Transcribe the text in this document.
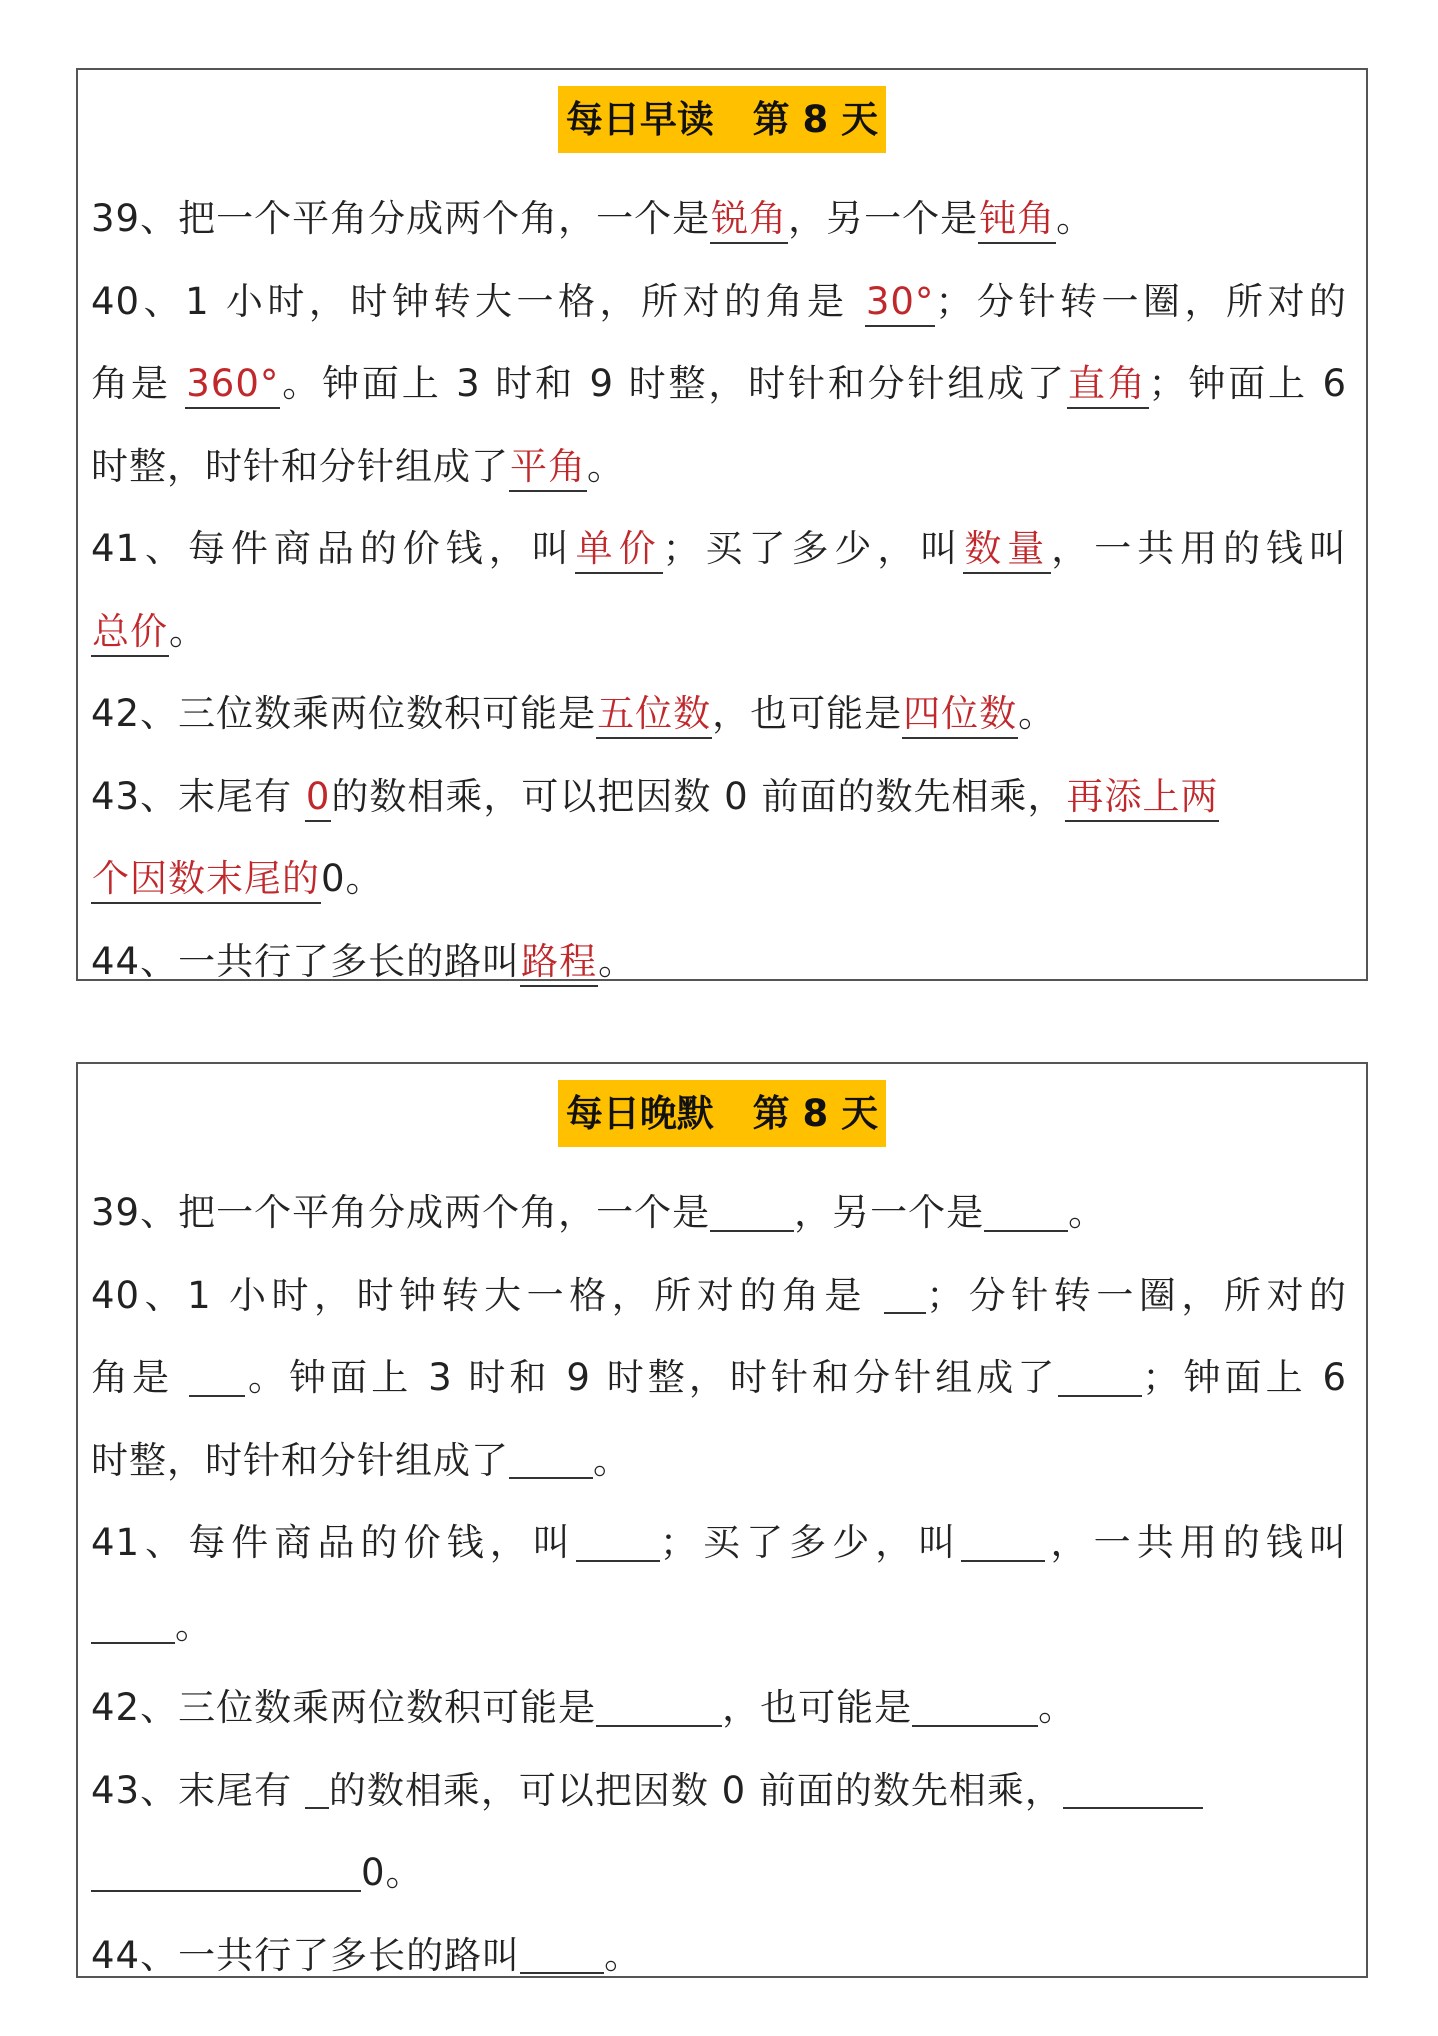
每日早读   第 8 天
39、把一个平角分成两个角，一个是锐角，另一个是钝角。
40、1 小时，时钟转大一格，所对的角是 30°；分针转一圈，所对的
角是 360°。钟面上 3 时和 9 时整，时针和分针组成了直角；钟面上 6
时整，时针和分针组成了平角。
41、每件商品的价钱，叫单价；买了多少，叫数量，一共用的钱叫
总价。
42、三位数乘两位数积可能是五位数，也可能是四位数。
43、末尾有 0的数相乘，可以把因数 0 前面的数先相乘，再添上两
个因数末尾的0。
44、一共行了多长的路叫路程。
每日晚默   第 8 天
39、把一个平角分成两个角，一个是 ，另一个是 。
40、1 小时，时钟转大一格，所对的角是 ；分针转一圈，所对的
角是 。钟面上 3 时和 9 时整，时针和分针组成了 ；钟面上 6
时整，时针和分针组成了 。
41、每件商品的价钱，叫 ；买了多少，叫 ，一共用的钱叫
。
42、三位数乘两位数积可能是	，也可能是	。
43、末尾有 的数相乘，可以把因数 0 前面的数先相乘，
0。
44、一共行了多长的路叫 。
